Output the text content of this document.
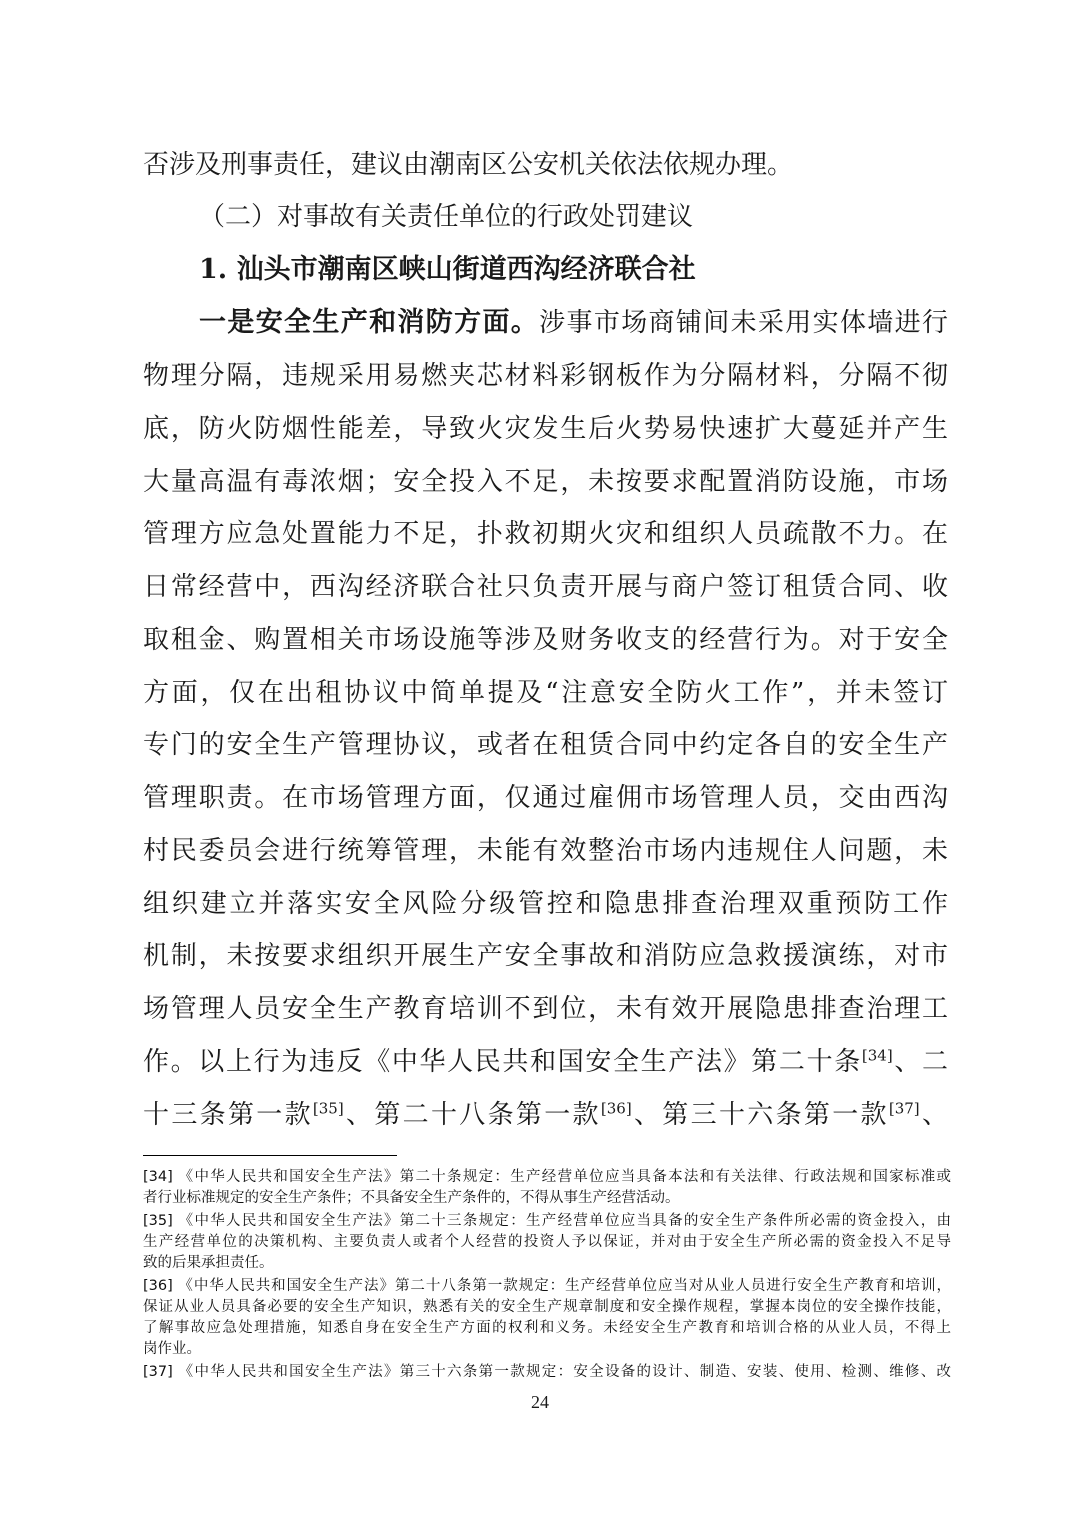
否涉及刑事责任，建议由潮南区公安机关依法依规办理。
（二）对事故有关责任单位的行政处罚建议
1. 汕头市潮南区峡山街道西沟经济联合社
一是安全生产和消防方面。涉事市场商铺间未采用实体墙进行
物理分隔，违规采用易燃夹芯材料彩钢板作为分隔材料，分隔不彻
底，防火防烟性能差，导致火灾发生后火势易快速扩大蔓延并产生
大量高温有毒浓烟；安全投入不足，未按要求配置消防设施，市场
管理方应急处置能力不足，扑救初期火灾和组织人员疏散不力。在
日常经营中，西沟经济联合社只负责开展与商户签订租赁合同、收
取租金、购置相关市场设施等涉及财务收支的经营行为。对于安全
方面，仅在出租协议中简单提及“注意安全防火工作”，并未签订
专门的安全生产管理协议，或者在租赁合同中约定各自的安全生产
管理职责。在市场管理方面，仅通过雇佣市场管理人员，交由西沟
村民委员会进行统筹管理，未能有效整治市场内违规住人问题，未
组织建立并落实安全风险分级管控和隐患排查治理双重预防工作
机制，未按要求组织开展生产安全事故和消防应急救援演练，对市
场管理人员安全生产教育培训不到位，未有效开展隐患排查治理工
作。以上行为违反《中华人民共和国安全生产法》第二十条[34]、二
十三条第一款[35]、第二十八条第一款[36]、第三十六条第一款[37]、
[34] 《中华人民共和国安全生产法》第二十条规定：生产经营单位应当具备本法和有关法律、行政法规和国家标准或
者行业标准规定的安全生产条件；不具备安全生产条件的，不得从事生产经营活动。
[35] 《中华人民共和国安全生产法》第二十三条规定：生产经营单位应当具备的安全生产条件所必需的资金投入，由
生产经营单位的决策机构、主要负责人或者个人经营的投资人予以保证，并对由于安全生产所必需的资金投入不足导
致的后果承担责任。
[36] 《中华人民共和国安全生产法》第二十八条第一款规定：生产经营单位应当对从业人员进行安全生产教育和培训，
保证从业人员具备必要的安全生产知识，熟悉有关的安全生产规章制度和安全操作规程，掌握本岗位的安全操作技能，
了解事故应急处理措施，知悉自身在安全生产方面的权利和义务。未经安全生产教育和培训合格的从业人员，不得上
岗作业。
[37] 《中华人民共和国安全生产法》第三十六条第一款规定：安全设备的设计、制造、安装、使用、检测、维修、改
24
